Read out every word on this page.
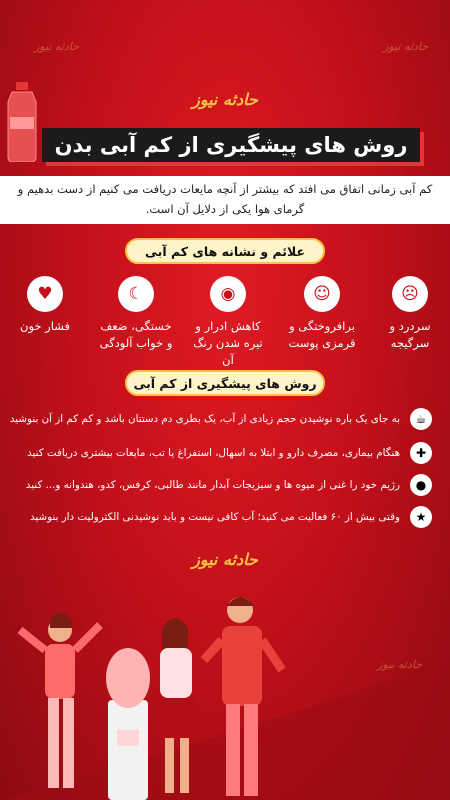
حادثه نیوز	حادثه نیوز
حادثه نیوز
حادثه نیوز
روش های پیشگیری از کم آبی بدن
کم آبی زمانی اتفاق می افتد که بیشتر از آنچه مایعات دریافت می کنیم از دست بدهیم و گرمای هوا یکی از دلایل آن است.
علائم و نشانه های کم آبی
☹
سردرد و سرگیجه
☺
برافروختگی و قرمزی پوست
◉
کاهش ادرار و تیره شدن رنگ آن
☾
خستگی، ضعف و خواب آلودگی
♥
فشار خون
روش های پیشگیری از کم آبی
☕
به جای یک باره نوشیدن حجم زیادی از آب، یک بطری دم دستتان باشد و کم کم از آن بنوشید
✚
هنگام بیماری، مصرف دارو و ابتلا به اسهال، استفراغ یا تب، مایعات بیشتری دریافت کنید
●
رژیم خود را غنی از میوه ها و سبزیجات آبدار مانند طالبی، کرفس، کدو، هندوانه و... کنید
★
وقتی بیش از ۶۰ فعالیت می کنید؛ آب کافی نیست و باید نوشیدنی الکترولیت دار بنوشید
حادثه نیوز
